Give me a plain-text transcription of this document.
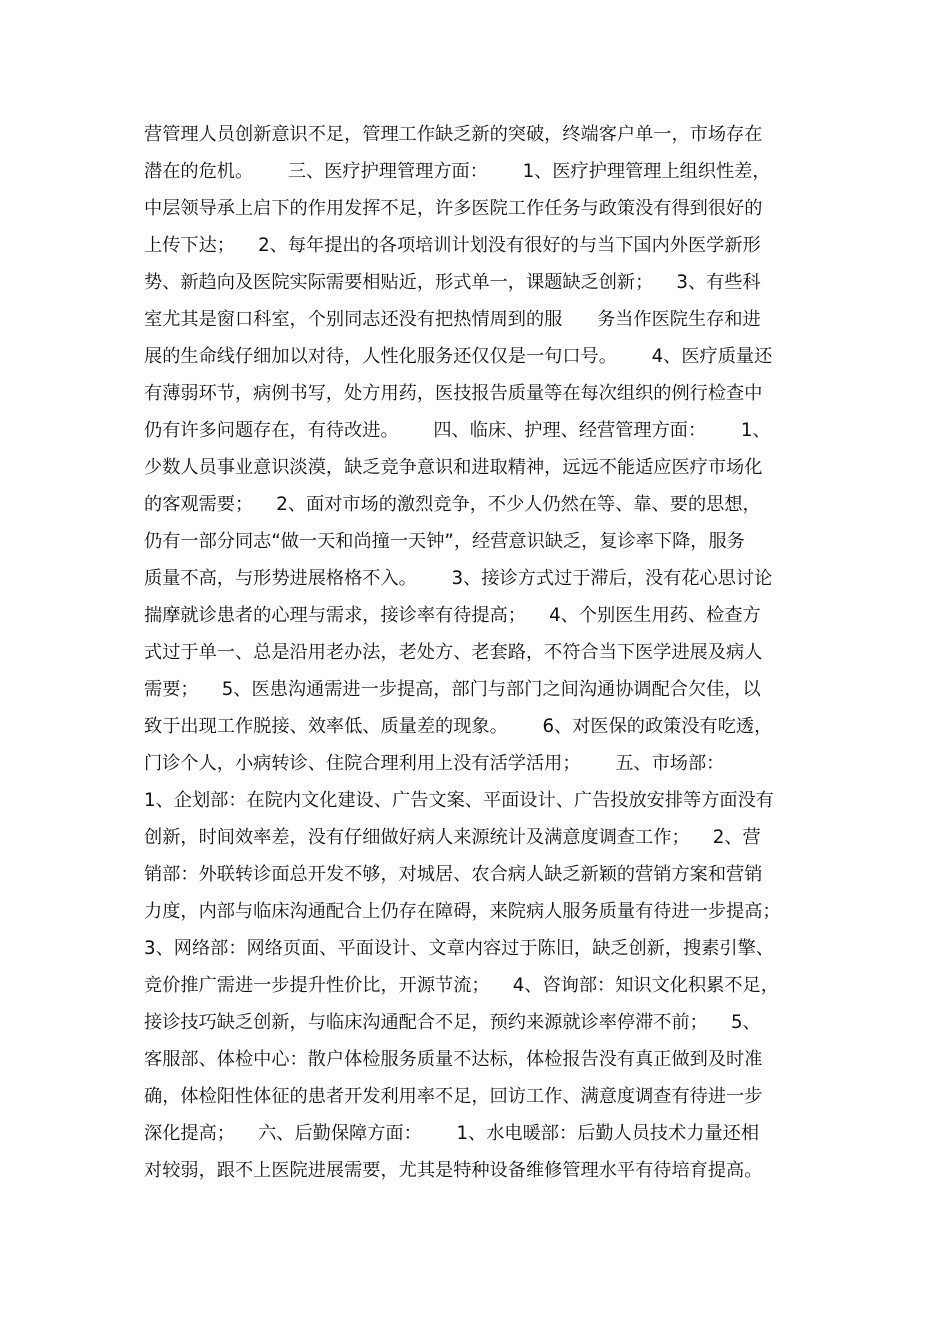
营管理人员创新意识不足，管理工作缺乏新的突破，终端客户单一，市场存在
潜在的危机。      三、医疗护理管理方面：      1、医疗护理管理上组织性差，
中层领导承上启下的作用发挥不足，许多医院工作任务与政策没有得到很好的
上传下达；    2、每年提出的各项培训计划没有很好的与当下国内外医学新形
势、新趋向及医院实际需要相贴近，形式单一，课题缺乏创新；    3、有些科
室尤其是窗口科室，个别同志还没有把热情周到的服      务当作医院生存和进
展的生命线仔细加以对待，人性化服务还仅仅是一句口号。      4、医疗质量还
有薄弱环节，病例书写，处方用药，医技报告质量等在每次组织的例行检查中
仍有许多问题存在，有待改进。      四、临床、护理、经营管理方面：      1、
少数人员事业意识淡漠，缺乏竞争意识和进取精神，远远不能适应医疗市场化
的客观需要；    2、面对市场的激烈竞争，不少人仍然在等、靠、要的思想，
仍有一部分同志“做一天和尚撞一天钟”，经营意识缺乏，复诊率下降，服务
质量不高，与形势进展格格不入。      3、接诊方式过于滞后，没有花心思讨论
揣摩就诊患者的心理与需求，接诊率有待提高；    4、个别医生用药、检查方
式过于单一、总是沿用老办法，老处方、老套路，不符合当下医学进展及病人
需要；    5、医患沟通需进一步提高，部门与部门之间沟通协调配合欠佳，以
致于出现工作脱接、效率低、质量差的现象。      6、对医保的政策没有吃透，
门诊个人，小病转诊、住院合理利用上没有活学活用；      五、市场部：
1、企划部：在院内文化建设、广告文案、平面设计、广告投放安排等方面没有
创新，时间效率差，没有仔细做好病人来源统计及满意度调查工作；    2、营
销部：外联转诊面总开发不够，对城居、农合病人缺乏新颖的营销方案和营销
力度，内部与临床沟通配合上仍存在障碍，来院病人服务质量有待进一步提高；
3、网络部：网络页面、平面设计、文章内容过于陈旧，缺乏创新，搜素引擎、
竞价推广需进一步提升性价比，开源节流；    4、咨询部：知识文化积累不足，
接诊技巧缺乏创新，与临床沟通配合不足，预约来源就诊率停滞不前；    5、
客服部、体检中心：散户体检服务质量不达标，体检报告没有真正做到及时准
确，体检阳性体征的患者开发利用率不足，回访工作、满意度调查有待进一步
深化提高；    六、后勤保障方面：      1、水电暖部：后勤人员技术力量还相
对较弱，跟不上医院进展需要，尤其是特种设备维修管理水平有待培育提高。
